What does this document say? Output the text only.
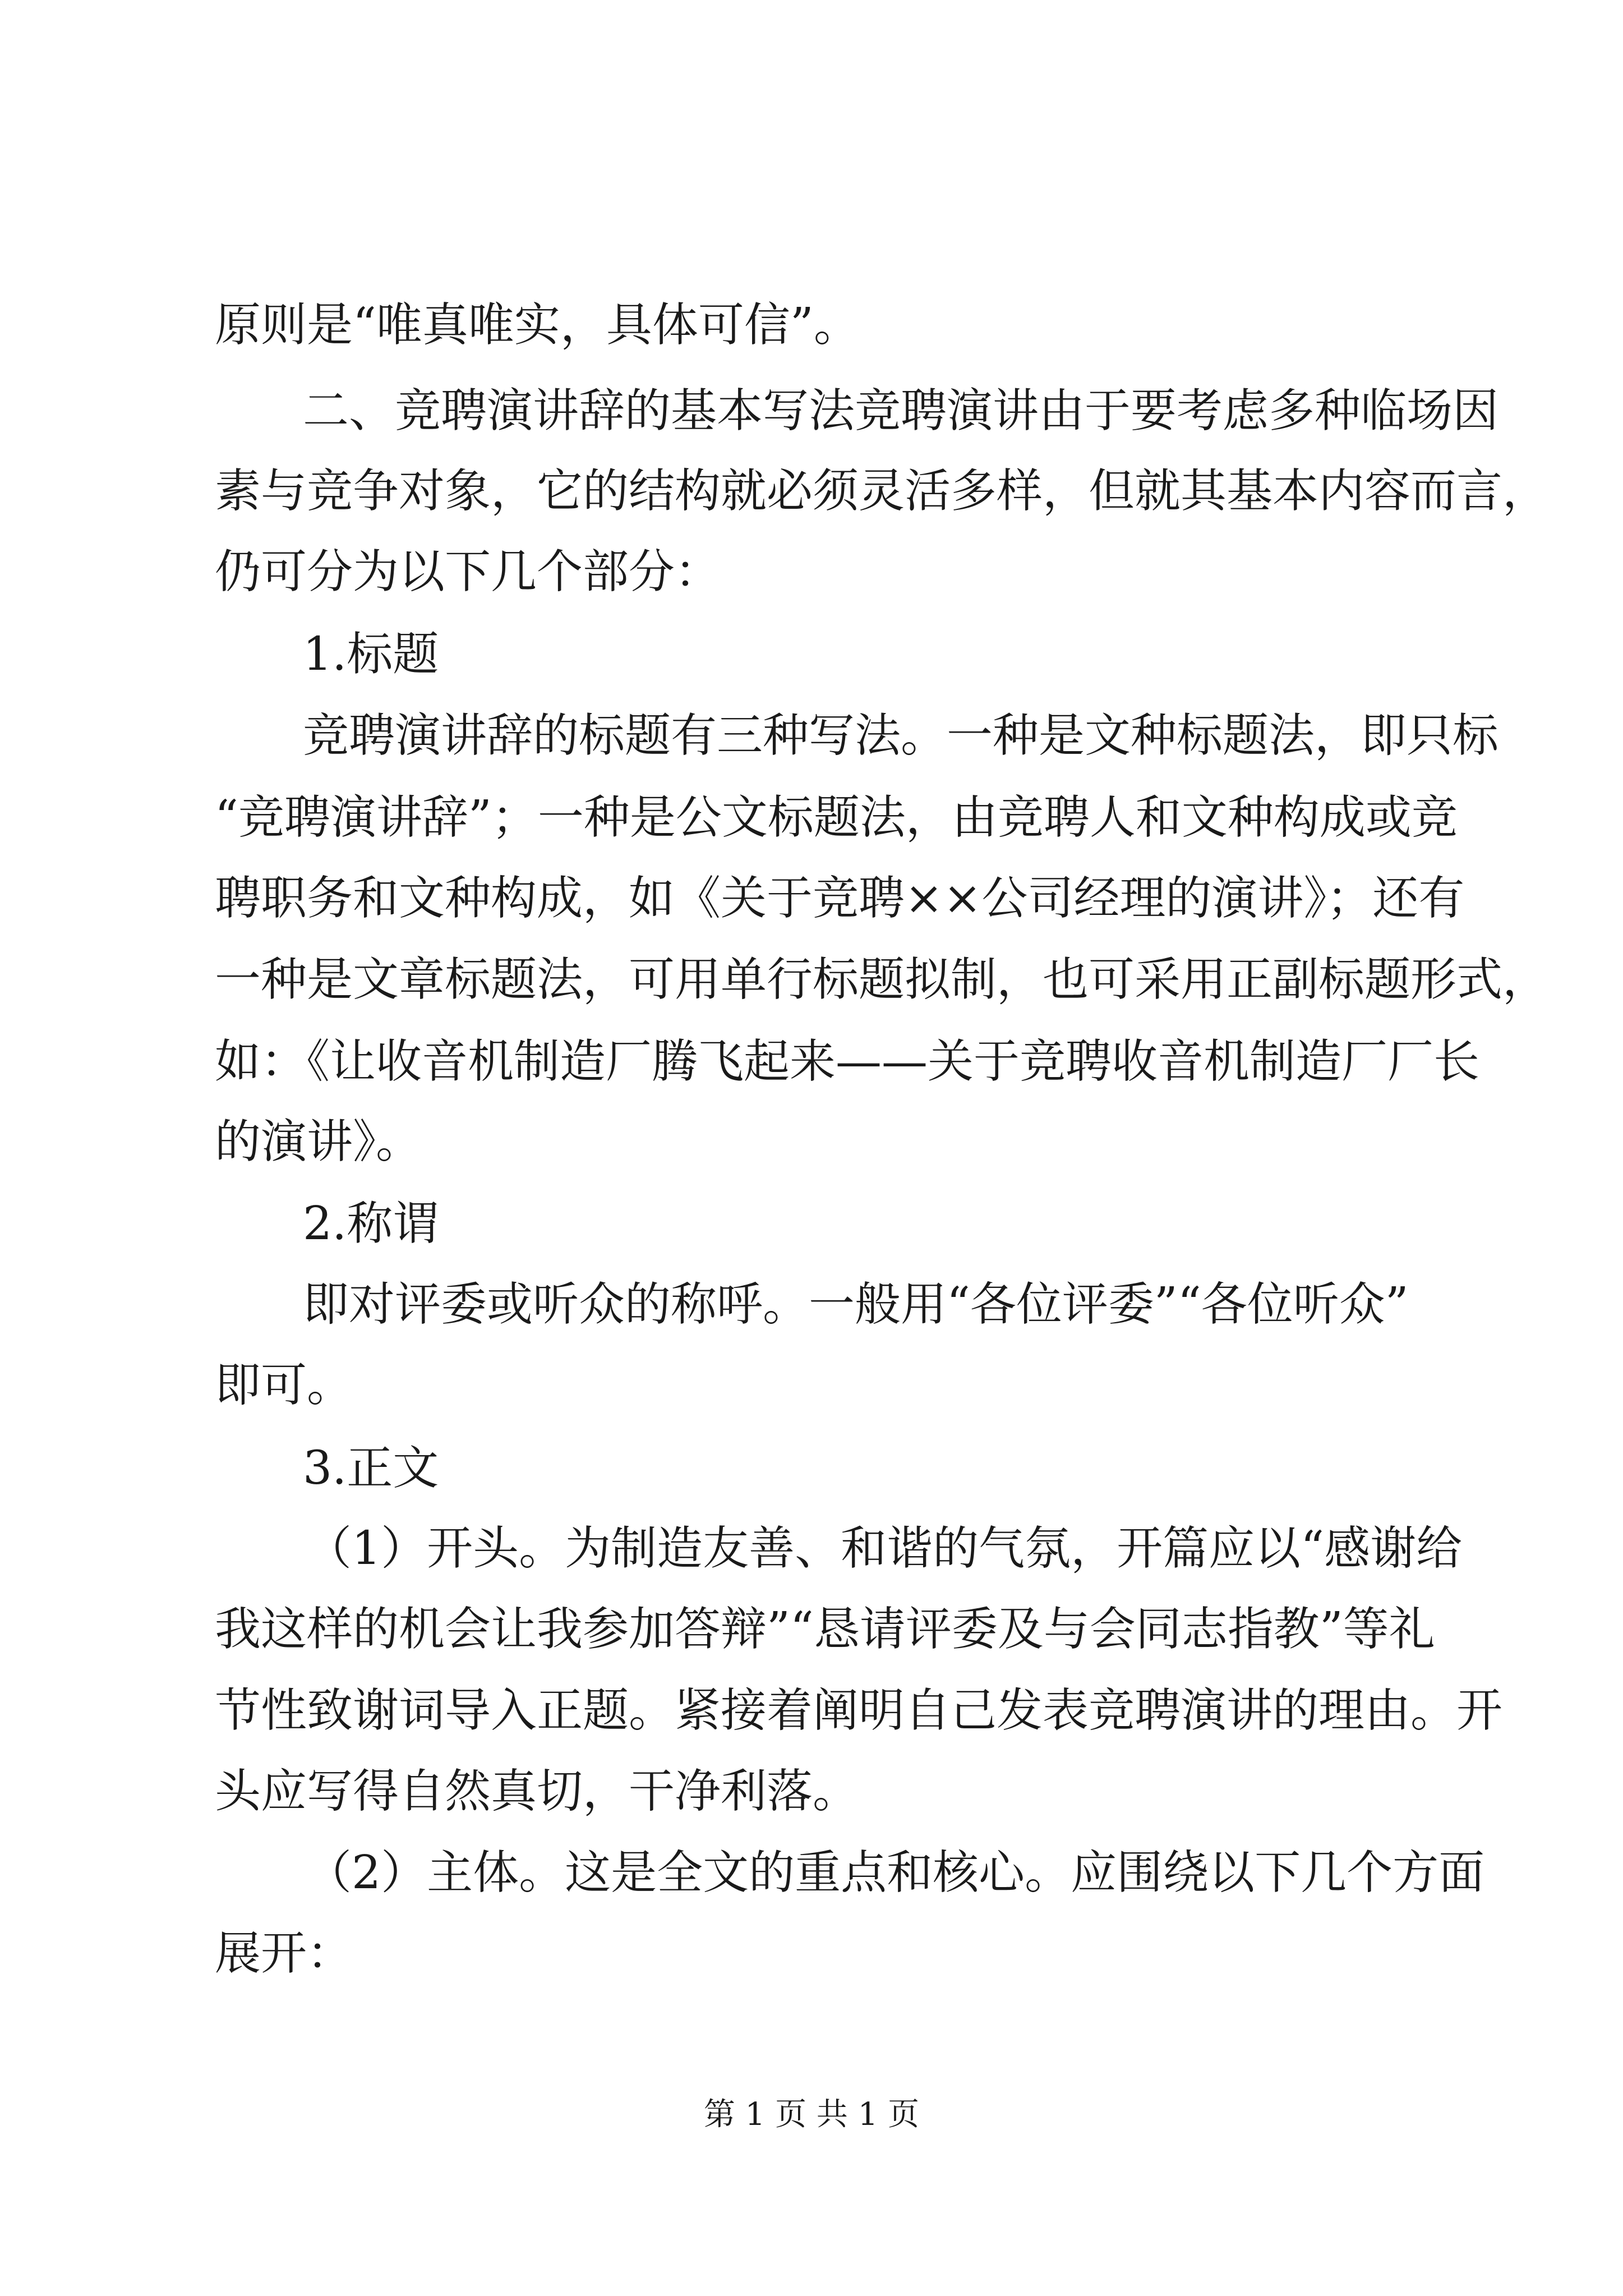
原则是“唯真唯实，具体可信”。

二、竞聘演讲辞的基本写法竞聘演讲由于要考虑多种临场因

素与竞争对象，它的结构就必须灵活多样，但就其基本内容而言，

仍可分为以下几个部分：

1.标题

竞聘演讲辞的标题有三种写法。一种是文种标题法，即只标

“竞聘演讲辞”；一种是公文标题法，由竞聘人和文种构成或竞

聘职务和文种构成，如《关于竞聘××公司经理的演讲》；还有

一种是文章标题法，可用单行标题拟制，也可采用正副标题形式，

如：《让收音机制造厂腾飞起来——关于竞聘收音机制造厂厂长

的演讲》。

2.称谓

即对评委或听众的称呼。一般用“各位评委”“各位听众”

即可。

3.正文

（1）开头。为制造友善、和谐的气氛，开篇应以“感谢给

我这样的机会让我参加答辩”“恳请评委及与会同志指教”等礼

节性致谢词导入正题。紧接着阐明自己发表竞聘演讲的理由。开

头应写得自然真切，干净利落。

（2）主体。这是全文的重点和核心。应围绕以下几个方面

展开：

第 1 页 共 1 页
